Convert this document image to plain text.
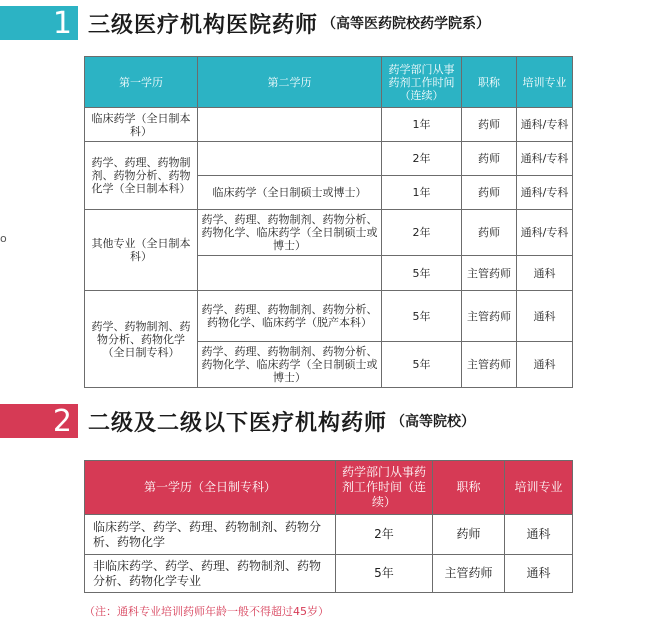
1 三级医疗机构医院药师 （高等医药院校药学院系）
o
第一学历	第二学历	药学部门从事药剂工作时间（连续）	职称	培训专业
临床药学（全日制本科）		1年	药师	通科/专科
药学、药理、药物制剂、药物分析、药物化学（全日制本科）		2年	药师	通科/专科
	临床药学（全日制硕士或博士）	1年	药师	通科/专科
其他专业（全日制本科）	药学、药理、药物制剂、药物分析、药物化学、临床药学（全日制硕士或博士）	2年	药师	通科/专科
		5年	主管药师	通科
药学、药物制剂、药物分析、药物化学（全日制专科）	药学、药理、药物制剂、药物分析、药物化学、临床药学（脱产本科）	5年	主管药师	通科
	药学、药理、药物制剂、药物分析、药物化学、临床药学（全日制硕士或博士）	5年	主管药师	通科
2 二级及二级以下医疗机构药师 （高等院校）
第一学历（全日制专科）	药学部门从事药剂工作时间（连续）	职称	培训专业
临床药学、药学、药理、药物制剂、药物分析、药物化学	2年	药师	通科
非临床药学、药学、药理、药物制剂、药物分析、药物化学专业	5年	主管药师	通科
（注：通科专业培训药师年龄一般不得超过45岁）
